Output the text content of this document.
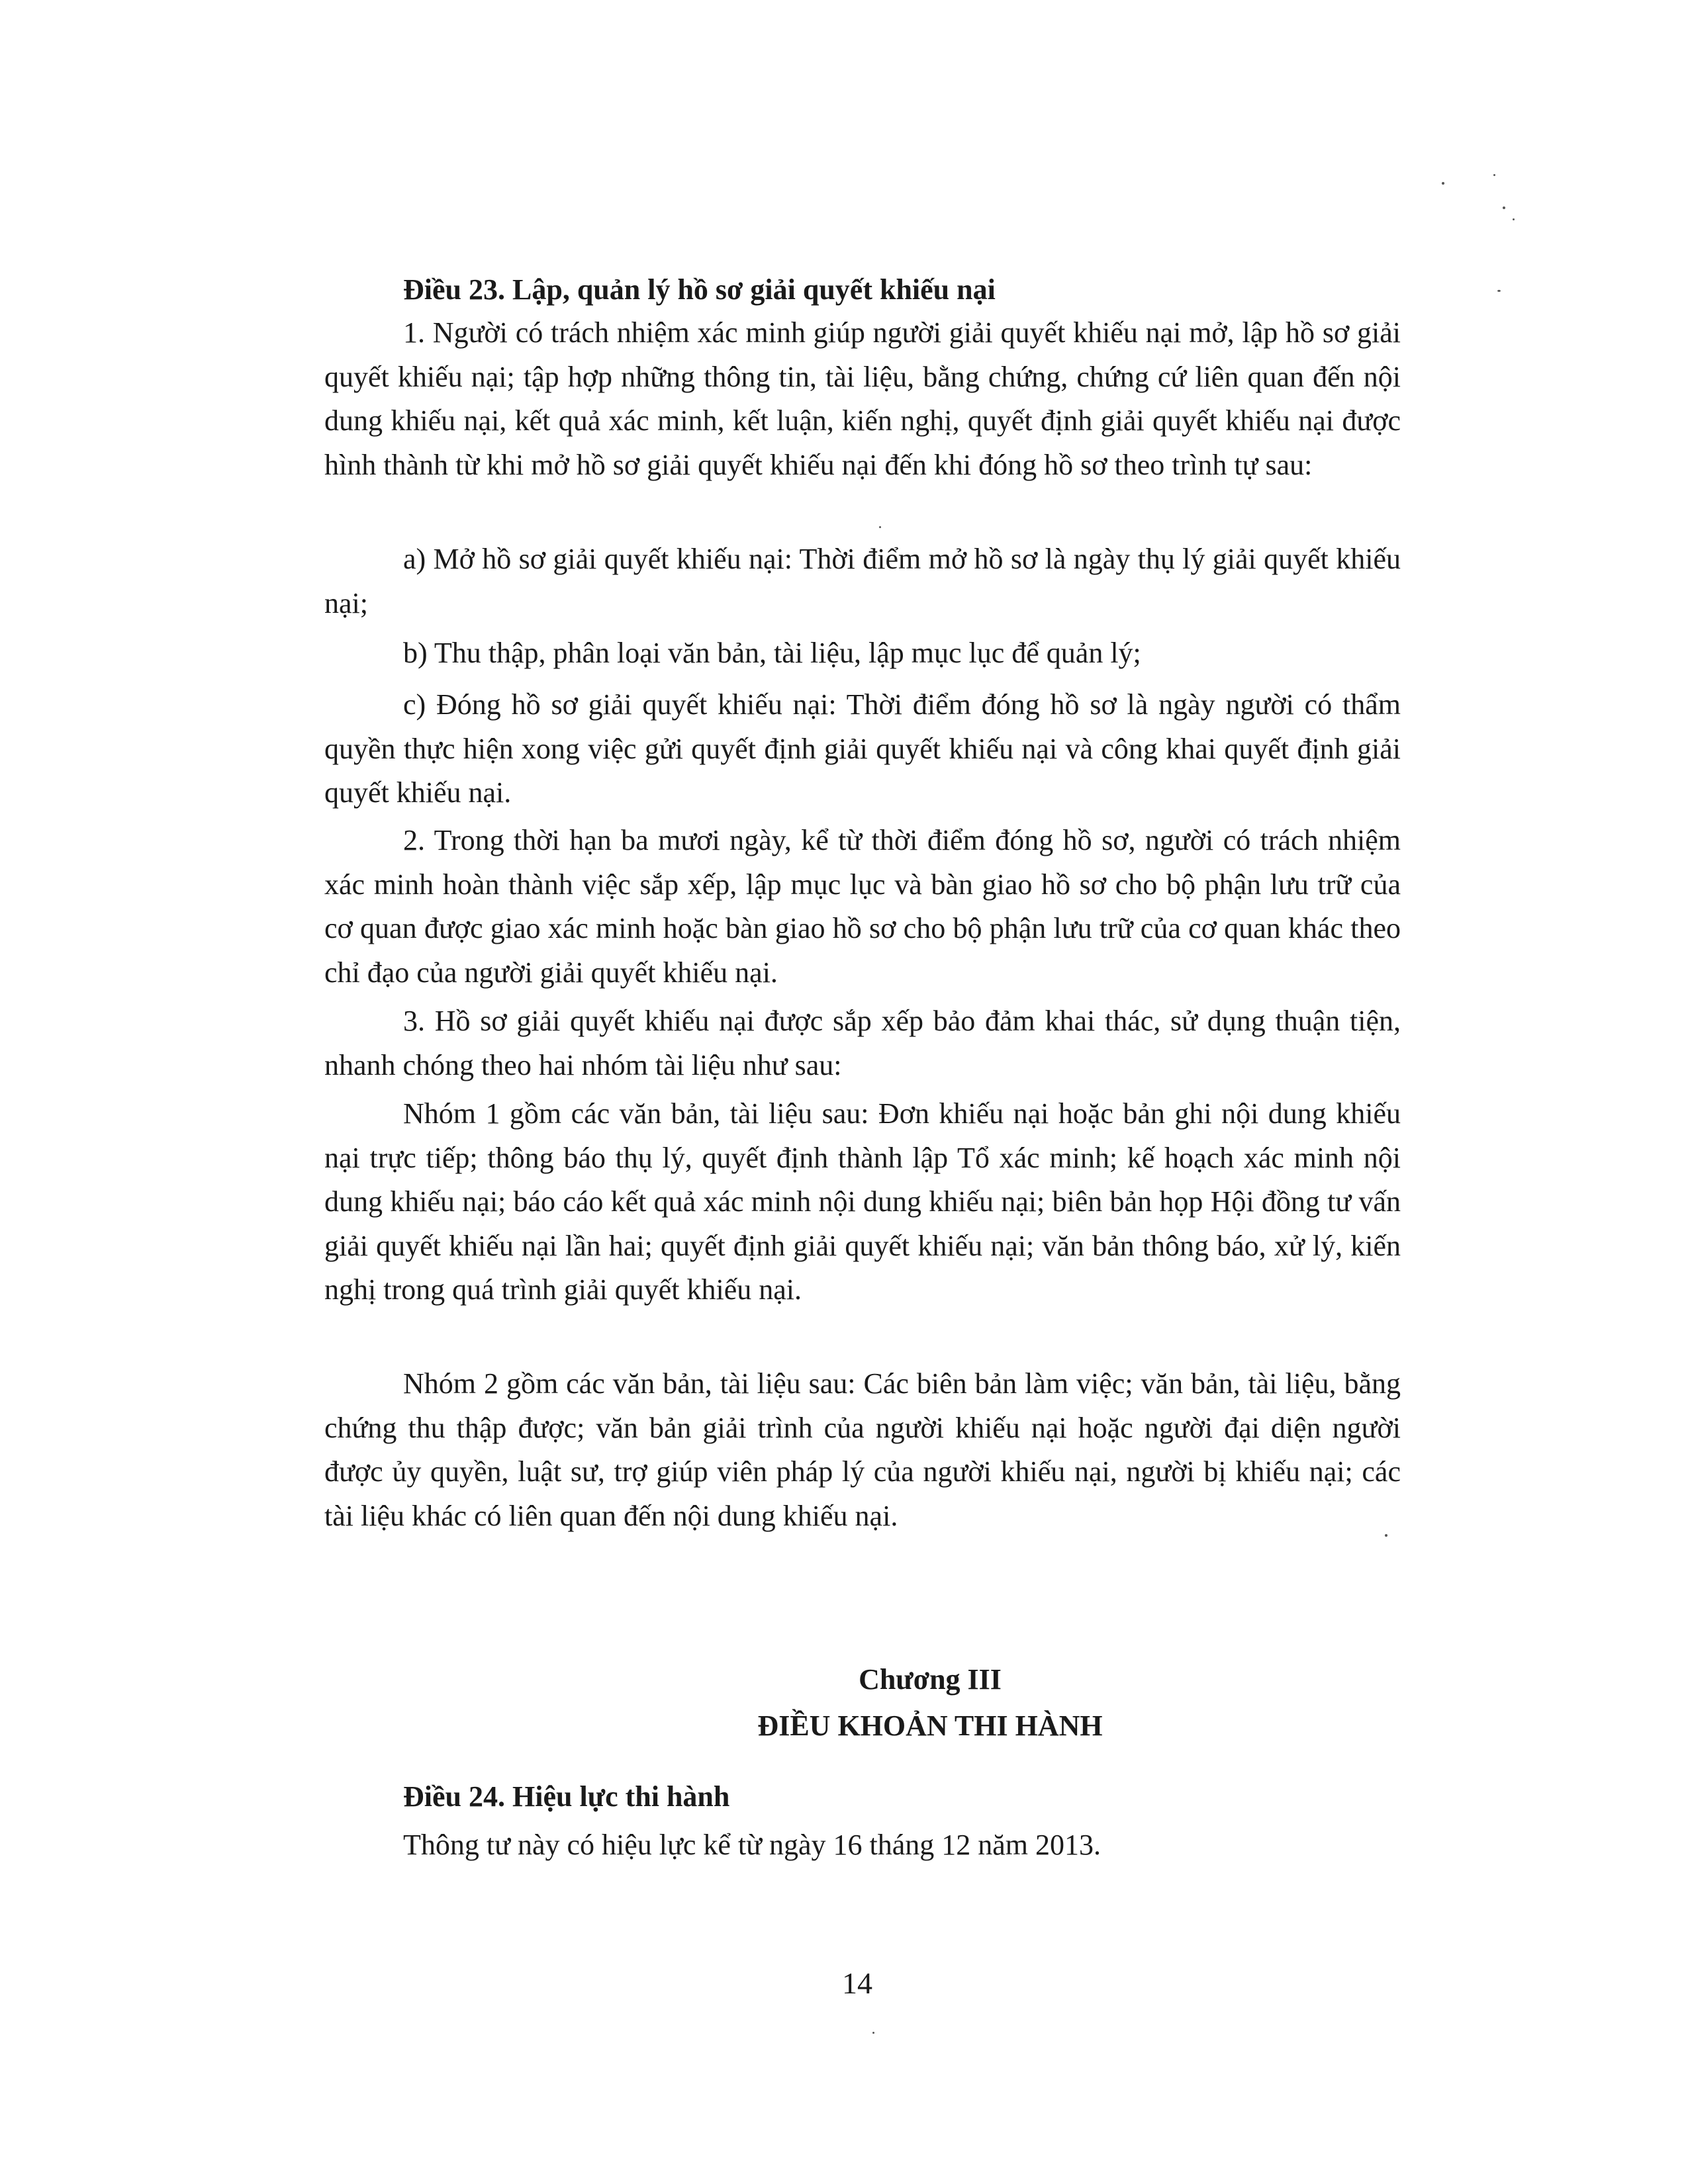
Điều 23. Lập, quản lý hồ sơ giải quyết khiếu nại
1. Người có trách nhiệm xác minh giúp người giải quyết khiếu nại mở, lập hồ sơ giải quyết khiếu nại; tập hợp những thông tin, tài liệu, bằng chứng, chứng cứ liên quan đến nội dung khiếu nại, kết quả xác minh, kết luận, kiến nghị, quyết định giải quyết khiếu nại được hình thành từ khi mở hồ sơ giải quyết khiếu nại đến khi đóng hồ sơ theo trình tự sau:
a) Mở hồ sơ giải quyết khiếu nại: Thời điểm mở hồ sơ là ngày thụ lý giải quyết khiếu nại;
b) Thu thập, phân loại văn bản, tài liệu, lập mục lục để quản lý;
c) Đóng hồ sơ giải quyết khiếu nại: Thời điểm đóng hồ sơ là ngày người có thẩm quyền thực hiện xong việc gửi quyết định giải quyết khiếu nại và công khai quyết định giải quyết khiếu nại.
2. Trong thời hạn ba mươi ngày, kể từ thời điểm đóng hồ sơ, người có trách nhiệm xác minh hoàn thành việc sắp xếp, lập mục lục và bàn giao hồ sơ cho bộ phận lưu trữ của cơ quan được giao xác minh hoặc bàn giao hồ sơ cho bộ phận lưu trữ của cơ quan khác theo chỉ đạo của người giải quyết khiếu nại.
3. Hồ sơ giải quyết khiếu nại được sắp xếp bảo đảm khai thác, sử dụng thuận tiện, nhanh chóng theo hai nhóm tài liệu như sau:
Nhóm 1 gồm các văn bản, tài liệu sau: Đơn khiếu nại hoặc bản ghi nội dung khiếu nại trực tiếp; thông báo thụ lý, quyết định thành lập Tổ xác minh; kế hoạch xác minh nội dung khiếu nại; báo cáo kết quả xác minh nội dung khiếu nại; biên bản họp Hội đồng tư vấn giải quyết khiếu nại lần hai; quyết định giải quyết khiếu nại; văn bản thông báo, xử lý, kiến nghị trong quá trình giải quyết khiếu nại.
Nhóm 2 gồm các văn bản, tài liệu sau: Các biên bản làm việc; văn bản, tài liệu, bằng chứng thu thập được; văn bản giải trình của người khiếu nại hoặc người đại diện người được ủy quyền, luật sư, trợ giúp viên pháp lý của người khiếu nại, người bị khiếu nại; các tài liệu khác có liên quan đến nội dung khiếu nại.
Chương III
ĐIỀU KHOẢN THI HÀNH
Điều 24. Hiệu lực thi hành
Thông tư này có hiệu lực kể từ ngày 16 tháng 12 năm 2013.
14
